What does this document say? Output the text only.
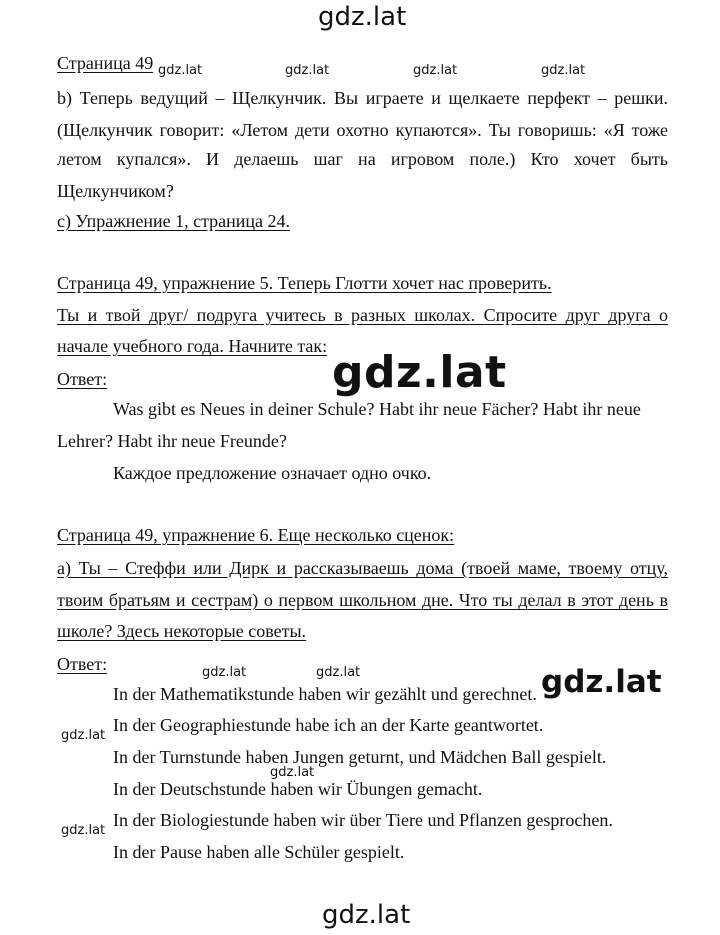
gdz.lat
gdz.lat
gdz.lat
gdz.lat
gdz.lat	gdz.lat	gdz.lat	gdz.lat
gdz.lat	gdz.lat
gdz.lat
gdz.lat
gdz.lat
Страница 49
b) Теперь ведущий – Щелкунчик. Вы играете и щелкаете перфект – решки.
(Щелкунчик говорит: «Летом дети охотно купаются». Ты говоришь: «Я тоже
летом купался». И делаешь шаг на игровом поле.) Кто хочет быть
Щелкунчиком?
c) Упражнение 1, страница 24.
Страница 49, упражнение 5. Теперь Глотти хочет нас проверить.
Ты и твой друг/ подруга учитесь в разных школах. Спросите друг друга о
начале учебного года. Начните так:
Ответ:
Was gibt es Neues in deiner Schule? Habt ihr neue Fächer? Habt ihr neue
Lehrer? Habt ihr neue Freunde?
Каждое предложение означает одно очко.
Страница 49, упражнение 6. Еще несколько сценок:
а) Ты – Стеффи или Дирк и рассказываешь дома (твоей маме, твоему отцу,
твоим братьям и сестрам) о первом школьном дне. Что ты делал в этот день в
школе? Здесь некоторые советы.
Ответ:
In der Mathematikstunde haben wir gezählt und gerechnet.
In der Geographiestunde habe ich an der Karte geantwortet.
In der Turnstunde haben Jungen geturnt, und Mädchen Ball gespielt.
In der Deutschstunde haben wir Übungen gemacht.
In der Biologiestunde haben wir über Tiere und Pflanzen gesprochen.
In der Pause haben alle Schüler gespielt.
